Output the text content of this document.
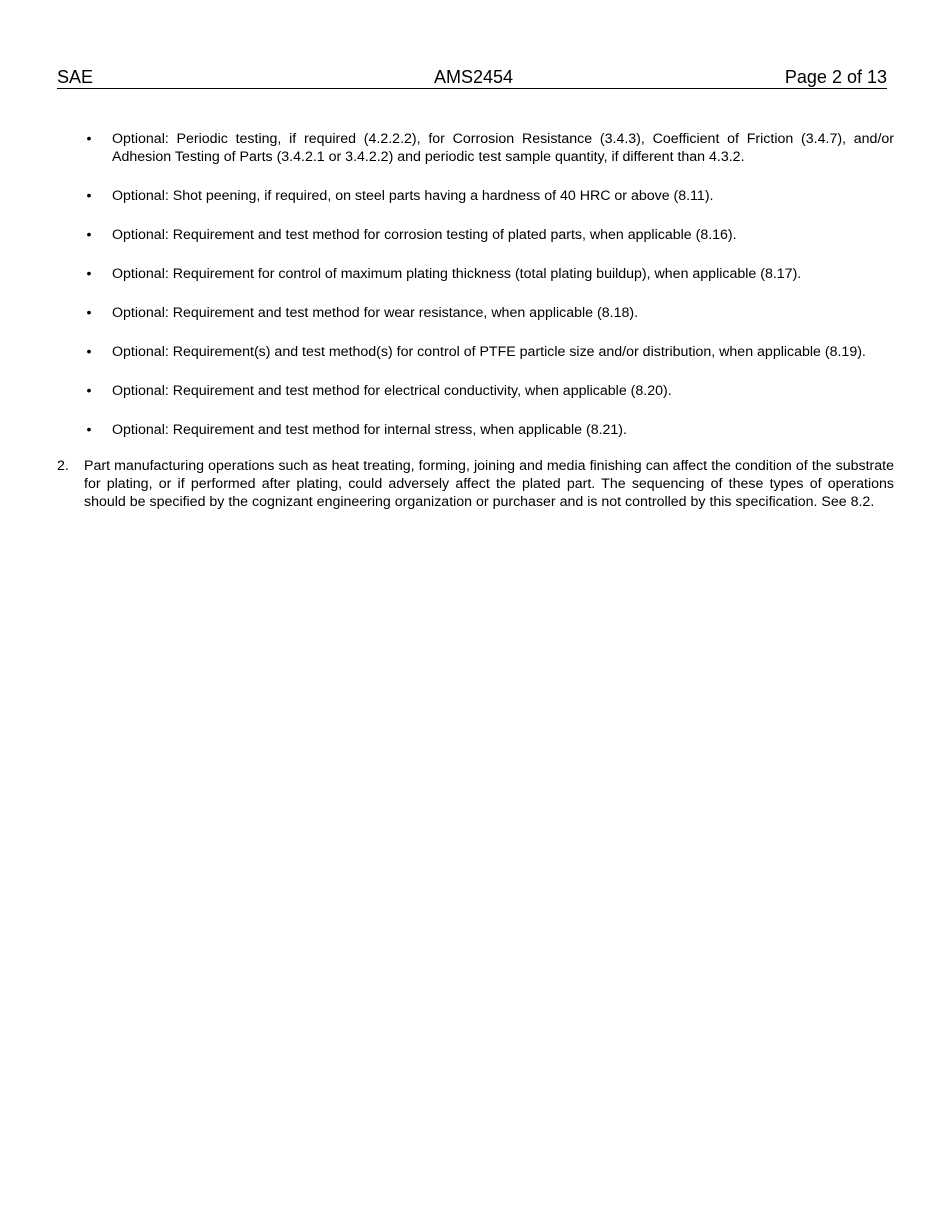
SAE	AMS2454	Page 2 of 13
• Optional: Periodic testing, if required (4.2.2.2), for Corrosion Resistance (3.4.3), Coefficient of Friction (3.4.7), and/or Adhesion Testing of Parts (3.4.2.1 or 3.4.2.2) and periodic test sample quantity, if different than 4.3.2.
• Optional: Shot peening, if required, on steel parts having a hardness of 40 HRC or above (8.11).
• Optional: Requirement and test method for corrosion testing of plated parts, when applicable (8.16).
• Optional: Requirement for control of maximum plating thickness (total plating buildup), when applicable (8.17).
• Optional: Requirement and test method for wear resistance, when applicable (8.18).
• Optional: Requirement(s) and test method(s) for control of PTFE particle size and/or distribution, when applicable (8.19).
• Optional: Requirement and test method for electrical conductivity, when applicable (8.20).
• Optional: Requirement and test method for internal stress, when applicable (8.21).
2. Part manufacturing operations such as heat treating, forming, joining and media finishing can affect the condition of the substrate for plating, or if performed after plating, could adversely affect the plated part. The sequencing of these types of operations should be specified by the cognizant engineering organization or purchaser and is not controlled by this specification. See 8.2.
